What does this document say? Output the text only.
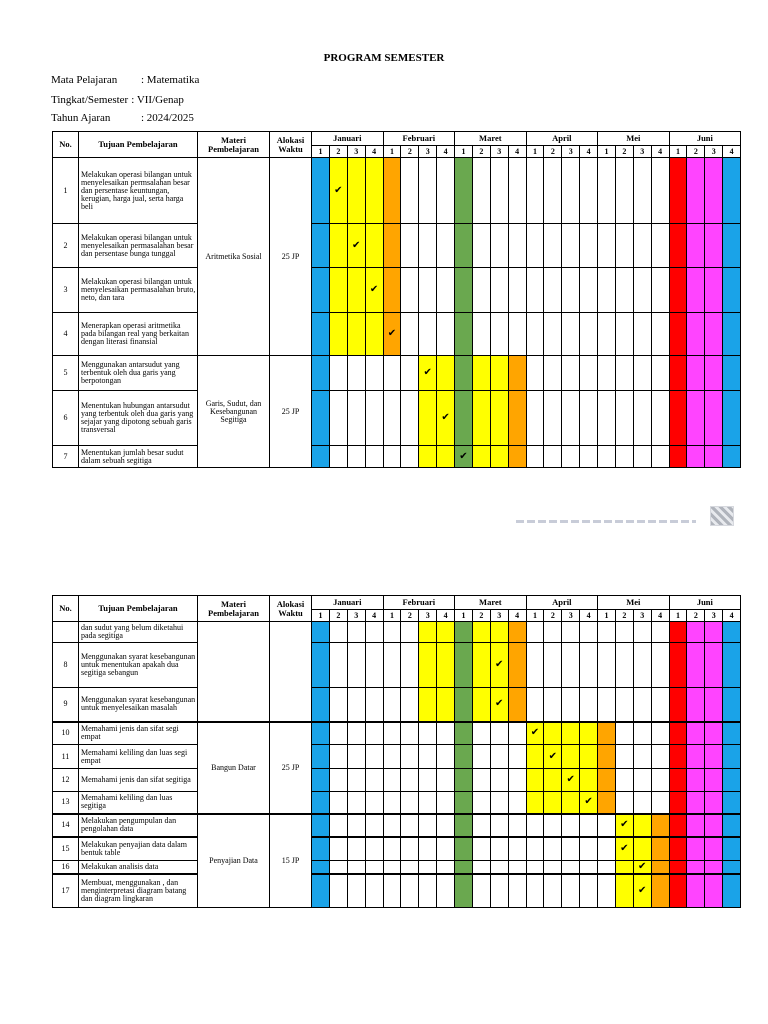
PROGRAM SEMESTER
Mata Pelajaran : Matematika
Tingkat/Semester : VII/Genap
Tahun Ajaran	: 2024/2025
No.	Tujuan Pembelajaran	Materi Pembelajaran	Alokasi Waktu	Januari				Februari				Maret				April				Mei				Juni			
				1	2	3	4	1	2	3	4	1	2	3	4	1	2	3	4	1	2	3	4	1	2	3	4
1	Melakukan operasi bilangan untuk menyelesaikan permsalahan besar dan persentase keuntungan, kerugian, harga jual, serta harga beli	Aritmetika Sosial	25 JP		✔																						
2	Melakukan operasi bilangan untuk menyelesaikan permasalahan besar dan persentase bunga tunggal					✔																					
3	Melakukan operasi bilangan untuk menyelesaikan permasalahan bruto, neto, dan tara						✔																				
4	Menerapkan operasi aritmetika pada bilangan real yang berkaitan dengan literasi finansial							✔																			
5	Menggunakan antarsudut yang terbentuk oleh dua garis yang berpotongan	Garis, Sudut, dan Kesebangunan Segitiga	25 JP							✔																	
6	Menentukan hubungan antarsudut yang terbentuk oleh dua garis yang sejajar yang dipotong sebuah garis transversal										✔																
7	Menentukan jumlah besar sudut dalam sebuah segitiga											✔															
No.	Tujuan Pembelajaran	Materi Pembelajaran	Alokasi Waktu	Januari				Februari				Maret				April				Mei				Juni			
				1	2	3	4	1	2	3	4	1	2	3	4	1	2	3	4	1	2	3	4	1	2	3	4
	dan sudut yang belum diketahui pada segitiga																										
8	Menggunakan syarat kesebangunan untuk menentukan apakah dua segitiga sebangun													✔													
9	Menggunakan syarat kesebangunan untuk menyelesaikan masalah													✔													
10	Memahami jenis dan sifat segi empat	Bangun Datar	25 JP													✔											
11	Memahami keliling dan luas segi empat																✔										
12	Memahami jenis dan sifat segitiga																	✔									
13	Memahami keliling dan luas segitiga																		✔								
14	Melakukan pengumpulan dan pengolahan data	Penyajian Data	15 JP																		✔						
15	Melakukan penyajian data dalam bentuk table																				✔						
16	Melakukan analisis data																					✔					
17	Membuat, menggunakan , dan menginterpretasi diagram batang dan diagram lingkaran																					✔					
